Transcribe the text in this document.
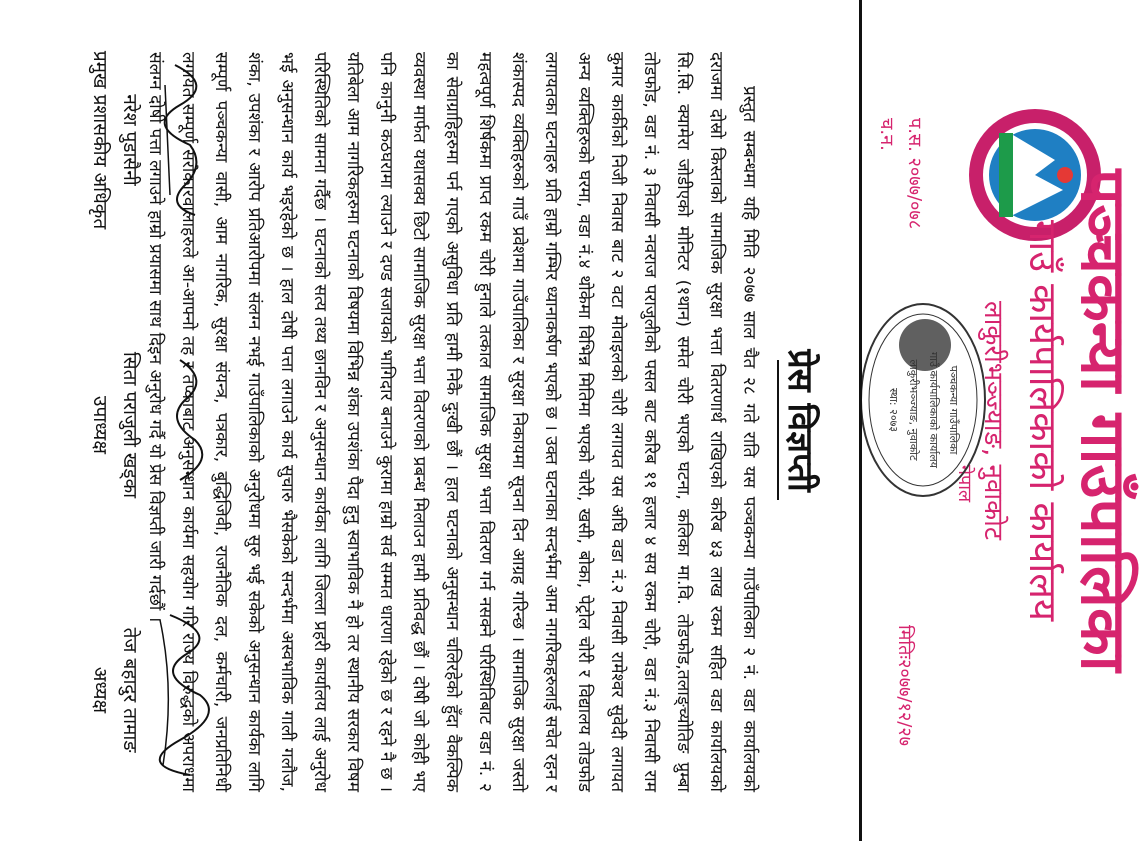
पञ्चकन्या गाउँपालिका
गाउँ कार्यपालिकाको कार्यालय
लाकुरीभञ्ज्याङ, नुवाकोट
नेपाल
प.स. २०७७/०७८
च.न.
मितिः२०७७/१२/२७
पञ्चकन्या गाउँपालिका
गाउँ कार्यपालिकाको कार्यालय
लाकुरीभञ्ज्याङ, नुवाकोट
स्था: २०७३
प्रेस विज्ञप्ती

प्रस्तुत सम्बन्धमा यहि मिति २०७७ साल चैत २८ गते राति यस पञ्चकन्या गाउँपालिका २ नं. वडा कार्यालयको दराजमा दोस्रो किस्ताको सामाजिक सुरक्षा भत्ता वितरणार्थ राखिएको करिब ४३ लाख रकम सहित वडा कार्यालयको सि.सि. क्यामेरा जोडीएको मोनिटर (१थान) समेत चोरी भएको घटना, कलिका मा.वि. तोडफोड,तलाङ्च्योतिङ प्रुम्बा तोडफोड, वडा नं. ३ निवासी नवराज पराजुलीको पसल बाट करिब ११ हजार ४ सय रकम चोरी, वडा नं.३ निवासी राम कुमार कार्कीको निजी निवास बाट २ वटा मोवाइलको चोरी लगायत यस अघि वडा नं.२ निवासी रामेश्वर सुवेदी लगायत अन्य व्यक्तिहरुको घरमा, वडा नं.४ थोकेमा विभिन्न मितिमा भएको चोरी, खसी, बोका, पेट्रोल चोरी र विद्यालय तोडफोड लगायतका घटनाहरु प्रति हाम्रो गम्भिर ध्यानाकर्षण भएको छ । उक्त घटनाका सन्दर्भमा आम नागरिकहरुलाई सचेत रहन र शंकास्पद व्यक्तिहरुको गाउँ प्रवेशमा गाउँपालिका र सुरक्षा निकायमा सूचना दिन आग्रह गरिन्छ । सामाजिक सुरक्षा जस्तो महत्वपूर्ण शिर्षकमा प्राप्त रकम चोरी हुनाले तत्काल सामाजिक सुरक्षा भत्ता वितरण गर्न नसक्ने परिस्थितिबाट वडा नं. २ का सेवाग्राहिहरुमा पर्न गएको असुविधा प्रति हामी निकै दुःखी छौं । हाल घटनाको अनुसन्धान चलिरहेको हुँदा वैकल्पिक व्यवस्था मार्फत यथासक्य छिटो सामाजिक सुरक्षा भत्ता वितरणको प्रबन्ध मिलाउन हामी प्रतिवद्ध छौं । दोषी जो कोही भए पनि कानुनी कठघरामा ल्याउने र दण्ड सजायको भागिदार बनाउने कुरामा हाम्रो सर्व सम्मत धारणा रहेको छ र रहने नै छ । यतिबेला आम नागरिकहरुमा घटनाको विषयमा विभिन्न शंका उपशंका पैदा हुनु स्वाभाविक नै हो तर स्थानीय सरकार विषम परिस्थितिको सामना गर्दैछ । घटनाको सत्य तथ्य छानविन र अनुसन्धान कार्यका लागि जिल्ला प्रहरी कार्यालय लाई अनुरोध भई अनुसन्धान कार्य भइरहेको छ । हाल दोषी पत्ता लगाउने कार्य सुचारु भैसकेको सन्दर्भमा अस्वभाविक गाली गलौज, शंका, उपशंका र आरोप प्रतिआरोपमा संलग्न नभई गाउँपालिकाको अनुरोधमा सुरु भई सकेको अनुसन्धान कार्यका लागि सम्पूर्ण पञ्चकन्या वासी, आम नागरिक, सुरक्षा संयन्त्र, पत्रकार, बुद्धिजिवी, राजनैतिक दल, कर्मचारी, जनप्रतिनिधी लगायत सम्पूर्ण सरोकारवालाहरुले आ-आफ्नो तह र तप्काबाट अनुसन्धान कार्यमा सहयोग गरि राज्य विरुद्धको अपराधमा संलग्न दोषी पत्ता लगाउने हाम्रो प्रयासमा साथ दिइन अनुरोध गर्दै यो प्रेस विज्ञप्ती जारी गर्दछौं ।

नरेश पुडासैनी
प्रमुख प्रशासकीय अधिकृत
सिता पराजुली खड्का
उपाध्यक्ष
तेज बहादुर तामाङ
अध्यक्ष
